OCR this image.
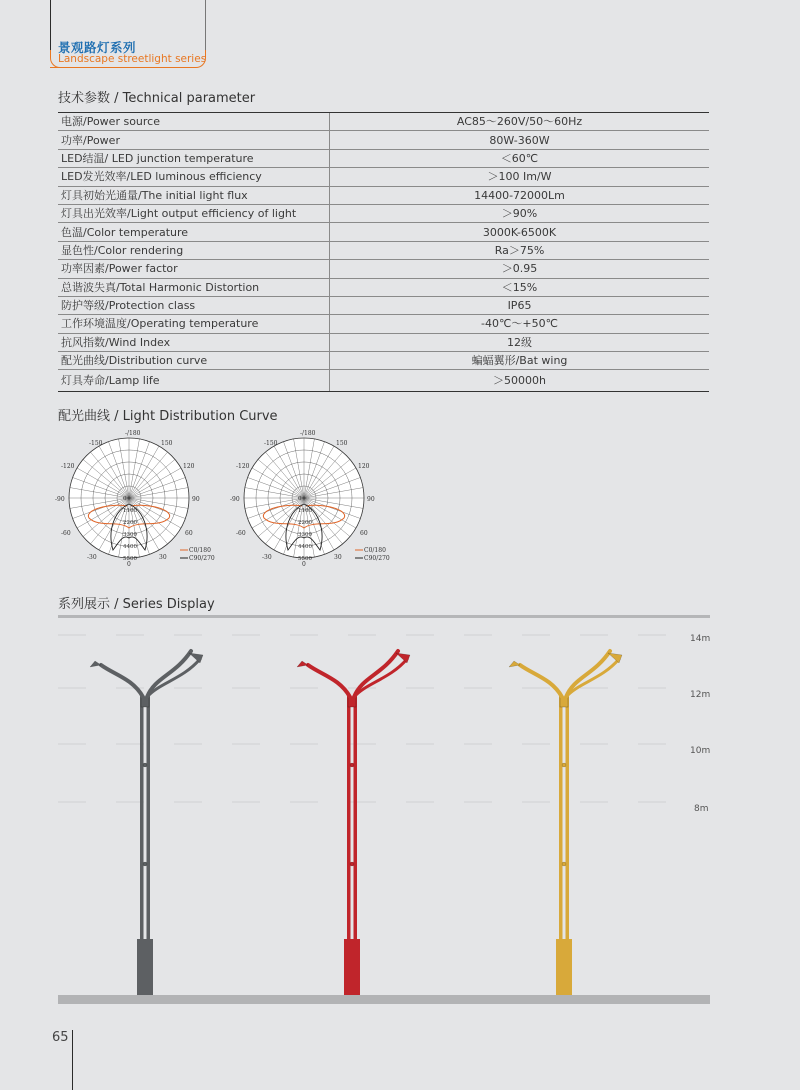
景观路灯系列
Landscape streetlight series
技术参数 / Technical parameter
电源/Power source	AC85～260V/50～60Hz
功率/Power	80W-360W
LED结温/ LED junction temperature	＜60℃
LED发光效率/LED luminous efficiency	＞100 Im/W
灯具初始光通量/The initial light flux	14400-72000Lm
灯具出光效率/Light output efficiency of light	＞90%
色温/Color temperature	3000K-6500K
显色性/Color rendering	Ra＞75%
功率因素/Power factor	＞0.95
总谐波失真/Total Harmonic Distortion	＜15%
防护等级/Protection class	IP65
工作环境温度/Operating temperature	-40℃～+50℃
抗风指数/Wind Index	12级
配光曲线/Distribution curve	蝙蝠翼形/Bat wing
灯具寿命/Lamp life	＞50000h
配光曲线 / Light Distribution Curve
-/180
150
120
90
60
30
0
-30
-60
-90
-120
-150
0
1100
2200
3300
4400
5500
C0/180
C90/270
-/180
150
120
90
60
30
0
-30
-60
-90
-120
-150
0
1100
2200
3300
4400
5500
C0/180
C90/270
系列展示 / Series Display
14m
12m
10m
8m
65
